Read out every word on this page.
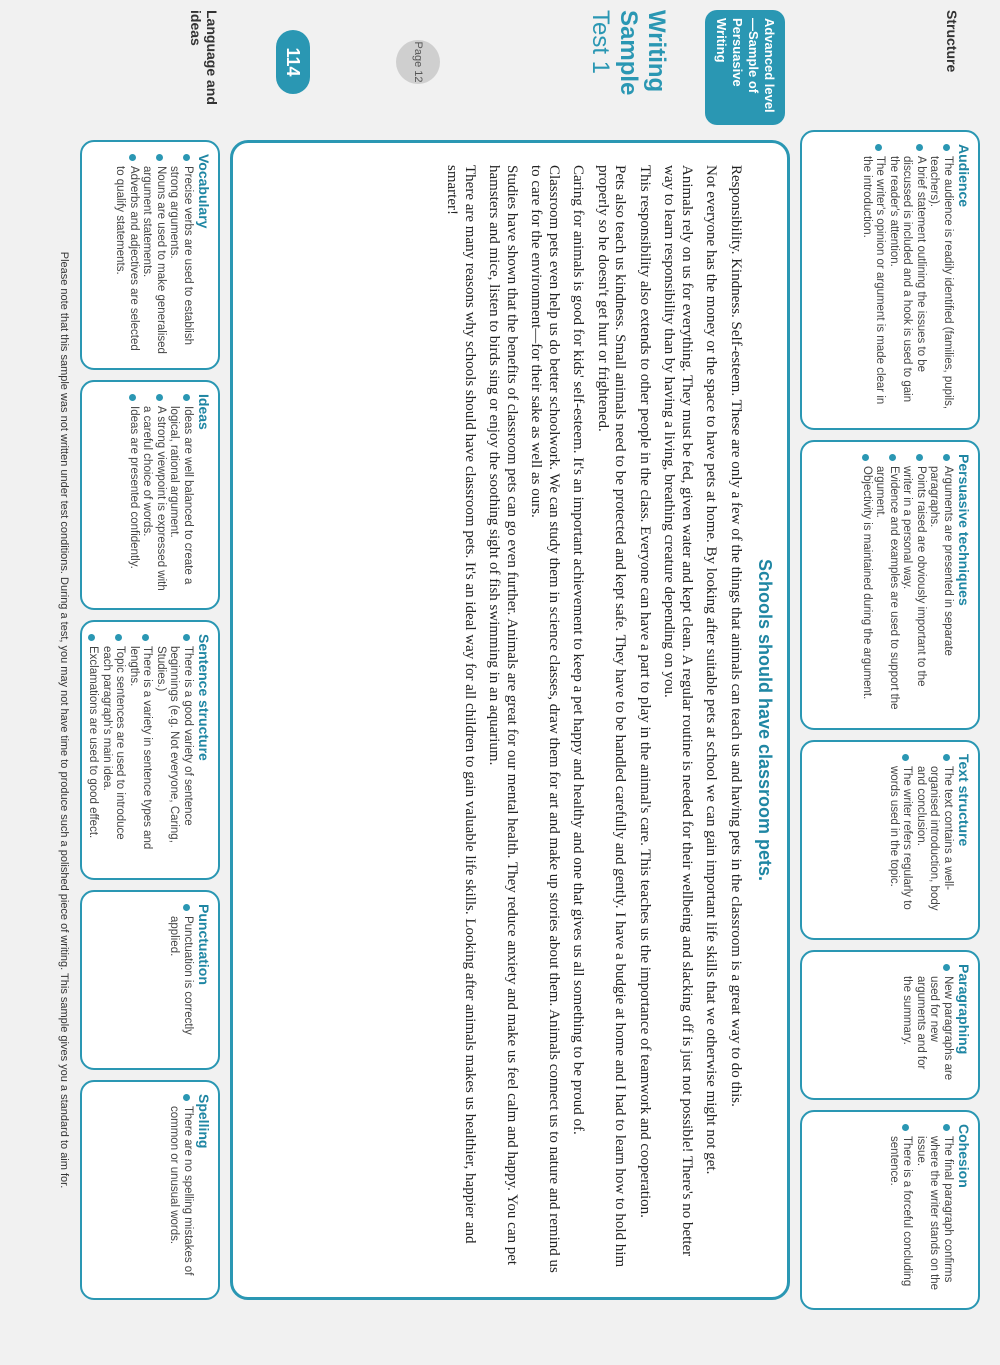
114	Advanced level—Sample of Persuasive Writing	Structure
Writing Sample Test 1
Page 12
Language and ideas
Schools should have classroom pets.

Responsibility. Kindness. Self-esteem. These are only a few of the things that animals can teach us and having pets in the classroom is a great way to do this.

Not everyone has the money or the space to have pets at home. By looking after suitable pets at school we can gain important life skills that we otherwise might not get.

Animals rely on us for everything. They must be fed, given water and kept clean. A regular routine is needed for their wellbeing and slacking off is just not possible! There's no better way to learn responsibility than by having a living, breathing creature depending on you.

This responsibility also extends to other people in the class. Everyone can have a part to play in the animal's care. This teaches us the importance of teamwork and cooperation.

Pets also teach us kindness. Small animals need to be protected and kept safe. They have to be handled carefully and gently. I have a budgie at home and I had to learn how to hold him properly so he doesn't get hurt or frightened.

Caring for animals is good for kids' self-esteem. It's an important achievement to keep a pet happy and healthy and one that gives us all something to be proud of.

Classroom pets even help us do better schoolwork. We can study them in science classes, draw them for art and make up stories about them. Animals connect us to nature and remind us to care for the environment—for their sake as well as ours.

Studies have shown that the benefits of classroom pets can go even further. Animals are great for our mental health. They reduce anxiety and make us feel calm and happy. You can pet hamsters and mice, listen to birds sing or enjoy the soothing sight of fish swimming in an aquarium.

There are many reasons why schools should have classroom pets. It's an ideal way for all children to gain valuable life skills. Looking after animals makes us healthier, happier and smarter!

Please note that this sample was not written under test conditions. During a test, you may not have time to produce such a polished piece of writing. This sample gives you a standard to aim for.
Audience
The audience is readily identified (families, pupils, teachers).
A brief statement outlining the issues to be discussed is included and a hook is used to gain the reader's attention.
The writer's opinion or argument is made clear in the introduction.
Persuasive techniques
Arguments are presented in separate paragraphs.
Points raised are obviously important to the writer in a personal way.
Evidence and examples are used to support the argument.
Objectivity is maintained during the argument.
Text structure
The text contains a well-organised introduction, body and conclusion.
The writer refers regularly to words used in the topic.
Paragraphing
New paragraphs are used for new arguments and for the summary.
Cohesion
The final paragraph confirms where the writer stands on the issue.
There is a forceful concluding sentence.
Vocabulary
Precise verbs are used to establish strong arguments.
Nouns are used to make generalised argument statements.
Adverbs and adjectives are selected to qualify statements.
Ideas
Ideas are well balanced to create a logical, rational argument.
A strong viewpoint is expressed with a careful choice of words.
Ideas are presented confidently.
Sentence structure
There is a good variety of sentence beginnings (e.g. Not everyone, Caring, Studies.)
There is a variety in sentence types and lengths.
Topic sentences are used to introduce each paragraph's main idea.
Exclamations are used to good effect.
Punctuation
Punctuation is correctly applied.
Spelling
There are no spelling mistakes of common or unusual words.
